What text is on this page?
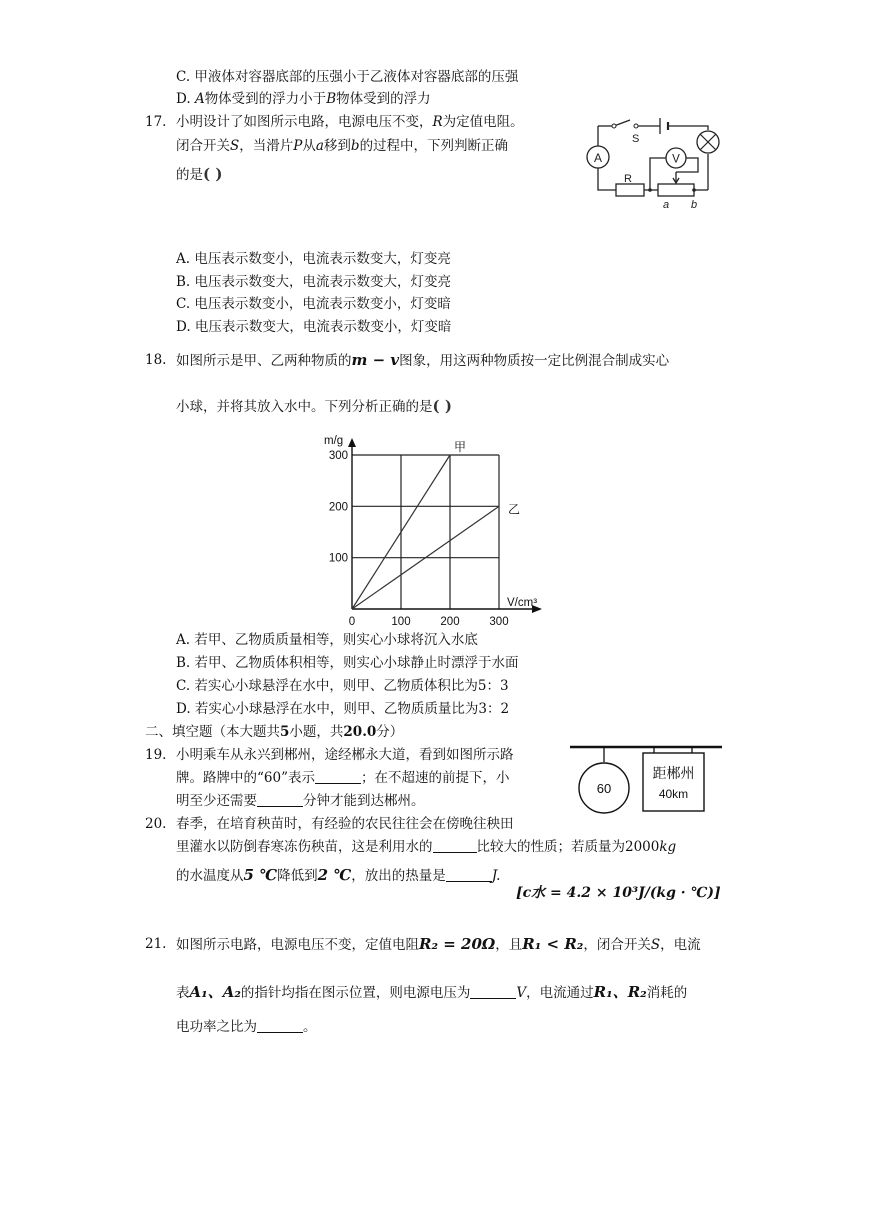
C. 甲液体对容器底部的压强小于乙液体对容器底部的压强
D. A物体受到的浮力小于B物体受到的浮力
17. 小明设计了如图所示电路，电源电压不变，R为定值电阻。
闭合开关S，当滑片P从a移到b的过程中，下列判断正确
的是( )
A	V
S
R
a b
A. 电压表示数变小，电流表示数变大，灯变亮
B. 电压表示数变大，电流表示数变大，灯变亮
C. 电压表示数变小，电流表示数变小，灯变暗
D. 电压表示数变大，电流表示数变小，灯变暗
18. 如图所示是甲、乙两种物质的m − v图象，用这两种物质按一定比例混合制成实心
小球，并将其放入水中。下列分析正确的是( )
甲
乙
100	200	300
100
200
300
0
m/g
V/cm³
A. 若甲、乙物质质量相等，则实心小球将沉入水底
B. 若甲、乙物质体积相等，则实心小球静止时漂浮于水面
C. 若实心小球悬浮在水中，则甲、乙物质体积比为5：3
D. 若实心小球悬浮在水中，则甲、乙物质质量比为3：2
二、填空题（本大题共5小题，共20.0分）
19. 小明乘车从永兴到郴州，途经郴永大道，看到如图所示路
牌。路牌中的“60”表示	；在不超速的前提下，小
明至少还需要	分钟才能到达郴州。
60
距郴州
40km
20. 春季，在培育秧苗时，有经验的农民往往会在傍晚往秧田
里灌水以防倒春寒冻伤秧苗，这是利用水的	比较大的性质；若质量为2000kg
的水温度从5 ℃降低到2 ℃，放出的热量是	J.
[c水 = 4.2 × 10³J/(kg · ℃)]
21. 如图所示电路，电源电压不变，定值电阻R₂ = 20Ω，且R₁ < R₂，闭合开关S，电流
表A₁、A₂的指针均指在图示位置，则电源电压为	V，电流通过R₁、R₂消耗的
电功率之比为	。
